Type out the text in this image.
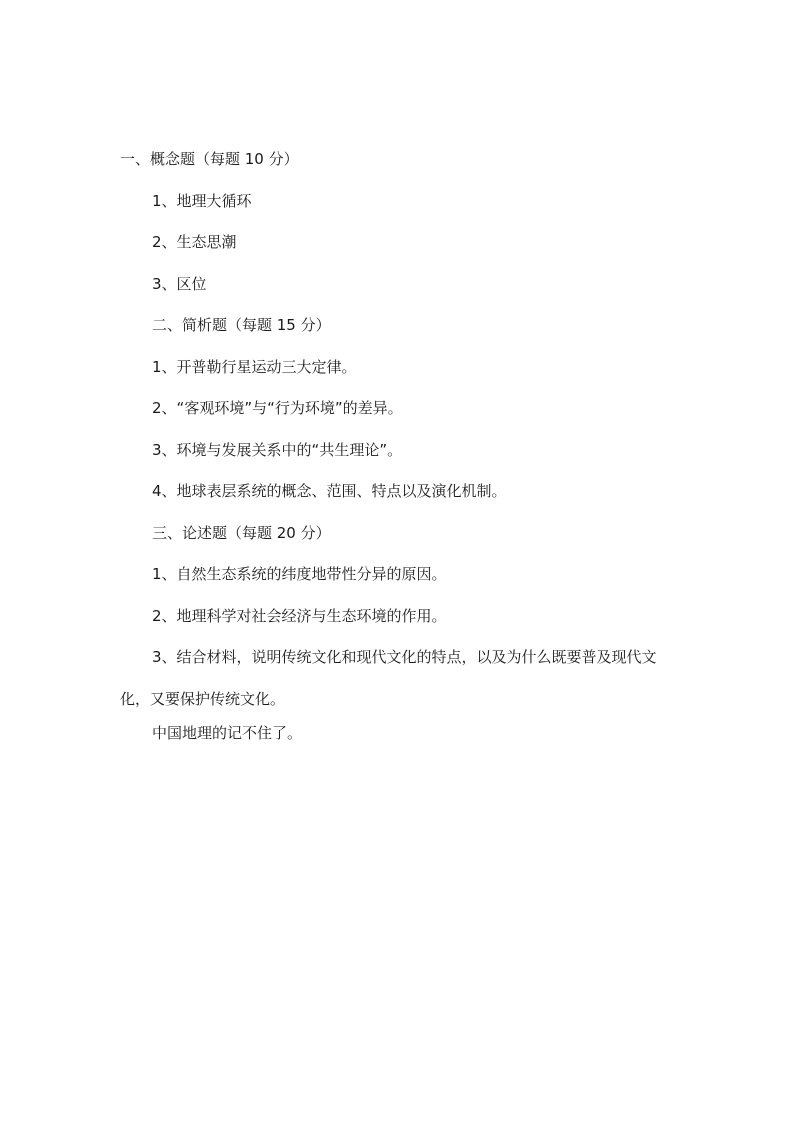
一、概念题（每题 10 分）
1、地理大循环
2、生态思潮
3、区位
二、简析题（每题 15 分）
1、开普勒行星运动三大定律。
2、“客观环境”与“行为环境”的差异。
3、环境与发展关系中的“共生理论”。
4、地球表层系统的概念、范围、特点以及演化机制。
三、论述题（每题 20 分）
1、自然生态系统的纬度地带性分异的原因。
2、地理科学对社会经济与生态环境的作用。
3、结合材料，说明传统文化和现代文化的特点，以及为什么既要普及现代文化，又要保护传统文化。
中国地理的记不住了。
